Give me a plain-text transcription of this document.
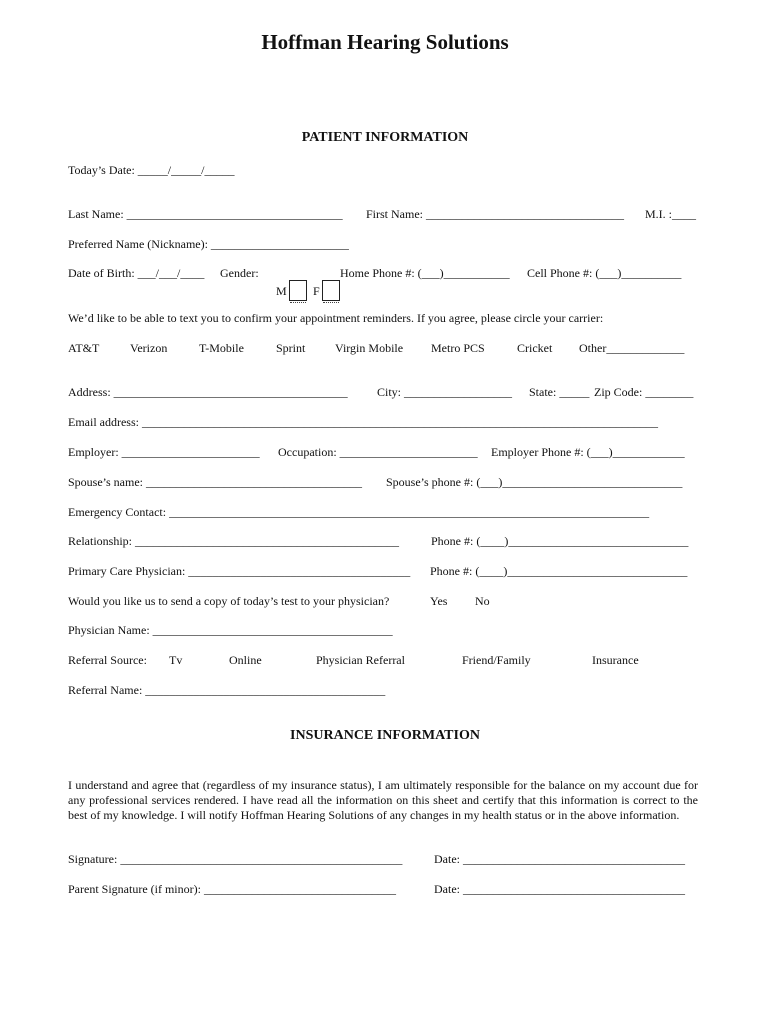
Hoffman Hearing Solutions
PATIENT INFORMATION
Today’s Date: _____/_____/_____
Last Name: ____________________________________ First Name: _________________________________ M.I. :____
Preferred Name (Nickname): _______________________
Date of Birth: ___/___/____ Gender:

M	F

Home Phone #: (___)___________ Cell Phone #: (___)__________
We’d like to be able to text you to confirm your appointment reminders. If you agree, please circle your carrier:
AT&T	Verizon	T-Mobile	Sprint Virgin Mobile Metro PCS	Cricket Other_____________
Address: _______________________________________ City: __________________ State: _____ Zip Code: ________
Email address: ______________________________________________________________________________________
Employer: _______________________ Occupation: _______________________ Employer Phone #: (___)____________
Spouse’s name: ____________________________________ Spouse’s phone #: (___)______________________________
Emergency Contact: ________________________________________________________________________________
Relationship: ____________________________________________	Phone #: (____)______________________________
Primary Care Physician: _____________________________________ Phone #: (____)______________________________
Would you like us to send a copy of today’s test to your physician?	Yes No
Physician Name: ________________________________________
Referral Source: Tv	Online	Physician Referral	Friend/Family	Insurance
Referral Name: ________________________________________
INSURANCE INFORMATION
I understand and agree that (regardless of my insurance status), I am ultimately responsible for the balance on my account due for any professional services rendered. I have read all the information on this sheet and certify that this information is correct to the best of my knowledge. I will notify Hoffman Hearing Solutions of any changes in my health status or in the above information.
Signature: _______________________________________________	Date: _____________________________________
Parent Signature (if minor): ________________________________	Date: _____________________________________
